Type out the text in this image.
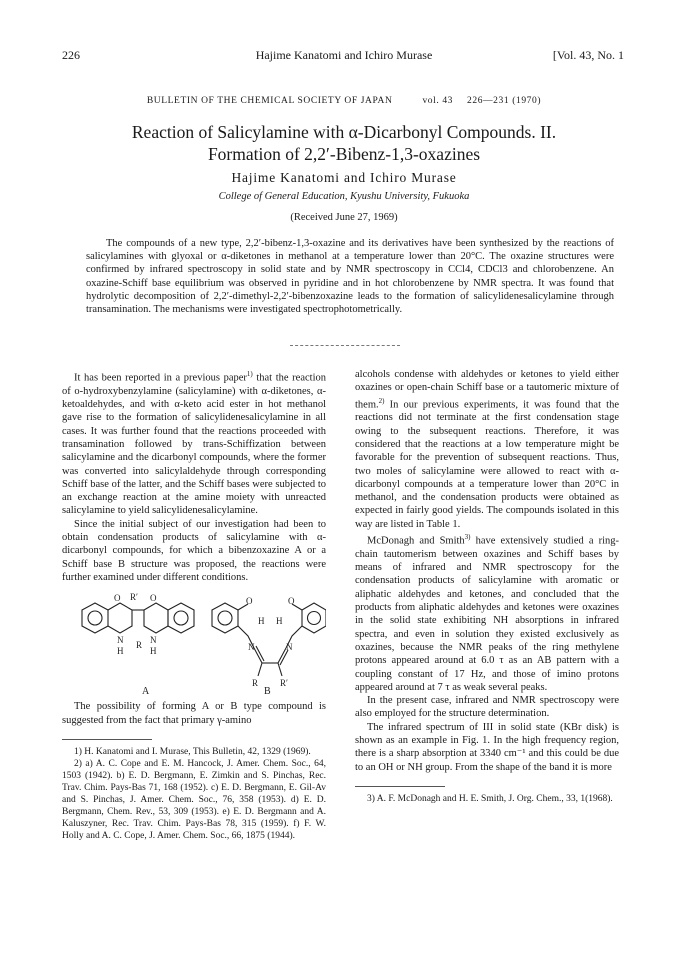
226	Hajime Kanatomi and Ichiro Murase	[Vol. 43, No. 1
BULLETIN OF THE CHEMICAL SOCIETY OF JAPAN	vol. 43 226—231 (1970)
Reaction of Salicylamine with α-Dicarbonyl Compounds. II.
Formation of 2,2′-Bibenz-1,3-oxazines
Hajime Kanatomi and Ichiro Murase
College of General Education, Kyushu University, Fukuoka
(Received June 27, 1969)
The compounds of a new type, 2,2′-bibenz-1,3-oxazine and its derivatives have been synthesized by the reactions of salicylamines with glyoxal or α-diketones in methanol at a temperature lower than 20°C. The oxazine structures were confirmed by infrared spectroscopy in solid state and by NMR spectroscopy in CCl4, CDCl3 and chlorobenzene. An oxazine-Schiff base equilibrium was observed in pyridine and in hot chlorobenzene by NMR spectra. It was found that hydrolytic decomposition of 2,2′-dimethyl-2,2′-bibenzoxazine leads to the formation of salicylidenesalicylamine through transamination. The mechanisms were investigated spectrophotometrically.

It has been reported in a previous paper$^{1)}$ that the reaction of o-hydroxybenzylamine (salicylamine) with α-diketones, α-ketoaldehydes, and with α-keto acid ester in hot methanol gave rise to the formation of salicylidenesalicylamine in all cases. It was further found that the reactions proceeded with transamination followed by trans-Schiffization between salicylamine and the dicarbonyl compounds, where the former was converted into salicylaldehyde through corresponding Schiff base of the latter, and the Schiff bases were subjected to an exchange reaction at the amine moiety with unreacted salicylamine to yield salicylidenesalicylamine.

Since the initial subject of our investigation had been to obtain condensation products of salicylamine with α-dicarbonyl compounds, for which a bibenzoxazine A or a Schiff base B structure was proposed, the reactions were further examined under different conditions.

O R′ O
N	N
H
R
H
O	O
H H
N	N
R R′
A	B

The possibility of forming A or B type compound is suggested from the fact that primary γ-amino

1) H. Kanatomi and I. Murase, This Bulletin, 42, 1329 (1969).

2) a) A. C. Cope and E. M. Hancock, J. Amer. Chem. Soc., 64, 1503 (1942). b) E. D. Bergmann, E. Zimkin and S. Pinchas, Rec. Trav. Chim. Pays-Bas 71, 168 (1952). c) E. D. Bergmann, E. Gil-Av and S. Pinchas, J. Amer. Chem. Soc., 76, 358 (1953). d) E. D. Bergmann, Chem. Rev., 53, 309 (1953). e) E. D. Bergmann and A. Kaluszyner, Rec. Trav. Chim. Pays-Bas 78, 315 (1959). f) F. W. Holly and A. C. Cope, J. Amer. Chem. Soc., 66, 1875 (1944).

alcohols condense with aldehydes or ketones to yield either oxazines or open-chain Schiff base or a tautomeric mixture of them.$^{2)}$ In our previous experiments, it was found that the reactions did not terminate at the first condensation stage owing to the subsequent reactions. Therefore, it was considered that the reactions at a low temperature might be favorable for the prevention of subsequent reactions. Thus, two moles of salicylamine were allowed to react with α-dicarbonyl compounds at a temperature lower than 20°C in methanol, and the condensation products were obtained as expected in fairly good yields. The compounds isolated in this way are listed in Table 1.

McDonagh and Smith$^{3)}$ have extensively studied a ring-chain tautomerism between oxazines and Schiff bases by means of infrared and NMR spectroscopy for the condensation products of salicylamine with aromatic or aliphatic aldehydes and ketones, and concluded that the products from aliphatic aldehydes and ketones were oxazines in the solid state exhibiting NH absorptions in infrared spectra, and even in solution they existed exclusively as oxazines, because the NMR peaks of the ring methylene protons appeared around at 6.0 τ as an AB pattern with a coupling constant of 17 Hz, and those of imino protons appeared around at 7 τ as weak several peaks.

In the present case, infrared and NMR spectroscopy were also employed for the structure determination.

The infrared spectrum of III in solid state (KBr disk) is shown as an example in Fig. 1. In the high frequency region, there is a sharp absorption at 3340 cm⁻¹ and this could be due to an OH or NH group. From the shape of the band it is more

3) A. F. McDonagh and H. E. Smith, J. Org. Chem., 33, 1(1968).
